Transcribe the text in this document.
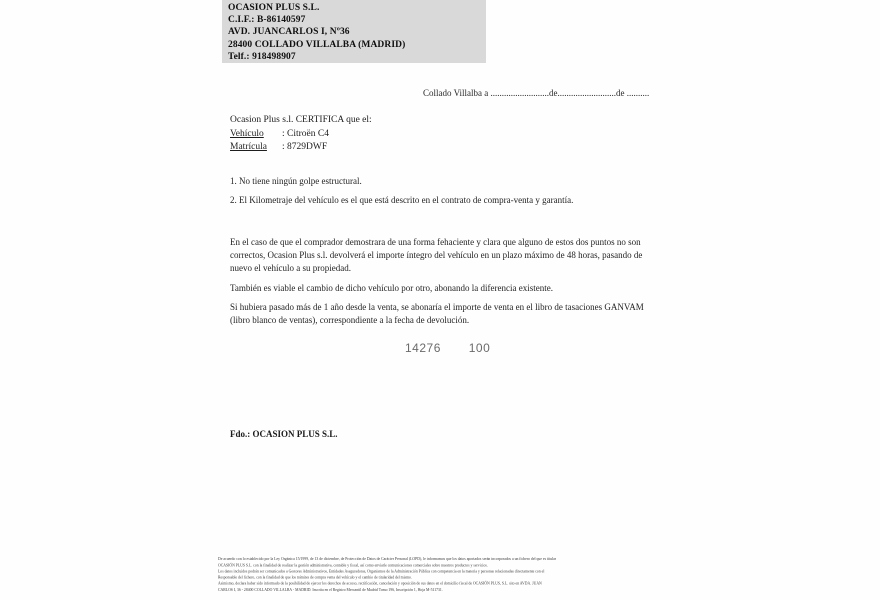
OCASION PLUS S.L.
C.I.F.: B-86140597
AVD. JUANCARLOS I, Nº36
28400 COLLADO VILLALBA (MADRID)
Telf.: 918498907
Collado Villalba a ..........................de..........................de ..........
Ocasion Plus s.l. CERTIFICA que el:
Vehículo	: Citroën C4
Matrícula	: 8729DWF
1. No tiene ningún golpe estructural.
2. El Kilometraje del vehículo es el que está descrito en el contrato de compra-venta y garantía.
En el caso de que el comprador demostrara de una forma fehaciente y clara que alguno de estos dos puntos no son correctos, Ocasion Plus s.l. devolverá el importe íntegro del vehículo en un plazo máximo de 48 horas, pasando de nuevo el vehículo a su propiedad.
También es viable el cambio de dicho vehículo por otro, abonando la diferencia existente.
Si hubiera pasado más de 1 año desde la venta, se abonaría el importe de venta en el libro de tasaciones GANVAM (libro blanco de ventas), correspondiente a la fecha de devolución.
14276 100
Fdo.: OCASION PLUS S.L.
De acuerdo con lo establecido por la Ley Orgánica 15/1999, de 13 de diciembre, de Protección de Datos de Carácter Personal (LOPD), le informamos que los datos aportados serán incorporados a un fichero del que es titular
OCASIÓN PLUS S.L. con la finalidad de realizar la gestión administrativa, contable y fiscal, así como enviarle comunicaciones comerciales sobre nuestros productos y servicios.
Los datos incluidos podrán ser comunicados a Gestores Administrativos, Entidades Aseguradoras, Organismos de la Administración Pública con competencia en la materia y personas relacionadas directamente con el
Responsable del fichero, con la finalidad de que los trámites de compra venta del vehículo y el cambio de titularidad del mismo.
Asimismo, declara haber sido informado de la posibilidad de ejercer los derechos de acceso, rectificación, cancelación y oposición de sus datos en el domicilio fiscal de OCASIÓN PLUS, S.L. sito en AVDA. JUAN
CARLOS I, 36 - 28400 COLLADO VILLALBA - MADRID. Inscrita en el Registro Mercantil de Madrid Tomo 196, Inscripción 1, Hoja M-511731.
